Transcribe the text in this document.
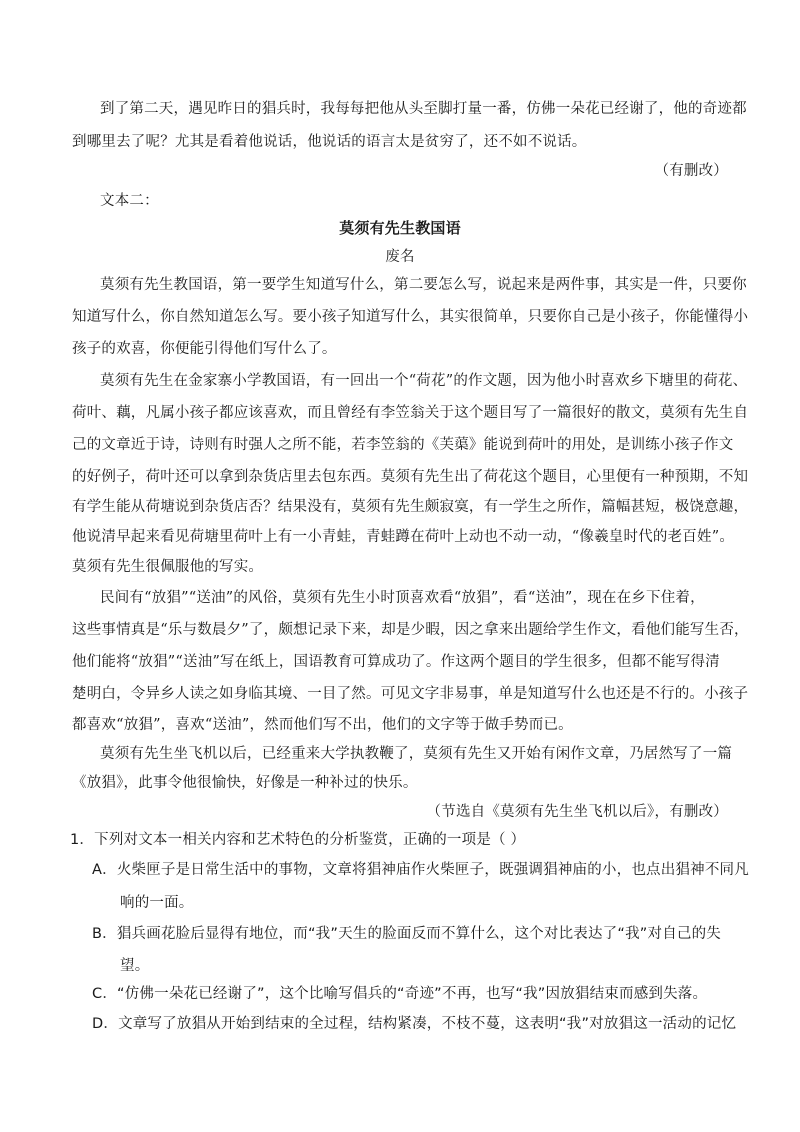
到了第二天，遇见昨日的猖兵时，我每每把他从头至脚打量一番，仿佛一朵花已经谢了，他的奇迹都
到哪里去了呢？尤其是看着他说话，他说话的语言太是贫穷了，还不如不说话。
（有删改）
文本二：
莫须有先生教国语
废名
莫须有先生教国语，第一要学生知道写什么，第二要怎么写，说起来是两件事，其实是一件，只要你
知道写什么，你自然知道怎么写。要小孩子知道写什么，其实很简单，只要你自己是小孩子，你能懂得小
孩子的欢喜，你便能引得他们写什么了。
莫须有先生在金家寨小学教国语，有一回出一个“荷花”的作文题，因为他小时喜欢乡下塘里的荷花、
荷叶、藕，凡属小孩子都应该喜欢，而且曾经有李笠翁关于这个题目写了一篇很好的散文，莫须有先生自
己的文章近于诗，诗则有时强人之所不能，若李笠翁的《芙蕖》能说到荷叶的用处，是训练小孩子作文
的好例子，荷叶还可以拿到杂货店里去包东西。莫须有先生出了荷花这个题目，心里便有一种预期，不知
有学生能从荷塘说到杂货店否？结果没有，莫须有先生颇寂寞，有一学生之所作，篇幅甚短，极饶意趣，
他说清早起来看见荷塘里荷叶上有一小青蛙，青蛙蹲在荷叶上动也不动一动，“像羲皇时代的老百姓”。
莫须有先生很佩服他的写实。
民间有“放猖”“送油”的风俗，莫须有先生小时顶喜欢看“放猖”，看“送油”，现在在乡下住着，
这些事情真是“乐与数晨夕”了，颇想记录下来，却是少暇，因之拿来出题给学生作文，看他们能写生否，
他们能将“放猖”“送油”写在纸上，国语教育可算成功了。作这两个题目的学生很多，但都不能写得清
楚明白，令异乡人读之如身临其境、一目了然。可见文字非易事，单是知道写什么也还是不行的。小孩子
都喜欢“放猖”，喜欢“送油”，然而他们写不出，他们的文字等于做手势而已。
莫须有先生坐飞机以后，已经重来大学执教鞭了，莫须有先生又开始有闲作文章，乃居然写了一篇
《放猖》，此事令他很愉快，好像是一种补过的快乐。
（节选自《莫须有先生坐飞机以后》，有删改）
1．下列对文本一相关内容和艺术特色的分析鉴赏，正确的一项是（ ）
A．火柴匣子是日常生活中的事物，文章将猖神庙作火柴匣子，既强调猖神庙的小，也点出猖神不同凡
响的一面。
B．猖兵画花脸后显得有地位，而“我”天生的脸面反而不算什么，这个对比表达了“我”对自己的失
望。
C．“仿佛一朵花已经谢了”，这个比喻写倡兵的“奇迹”不再，也写“我”因放猖结束而感到失落。
D．文章写了放猖从开始到结束的全过程，结构紧凑，不枝不蔓，这表明“我”对放猖这一活动的记忆
